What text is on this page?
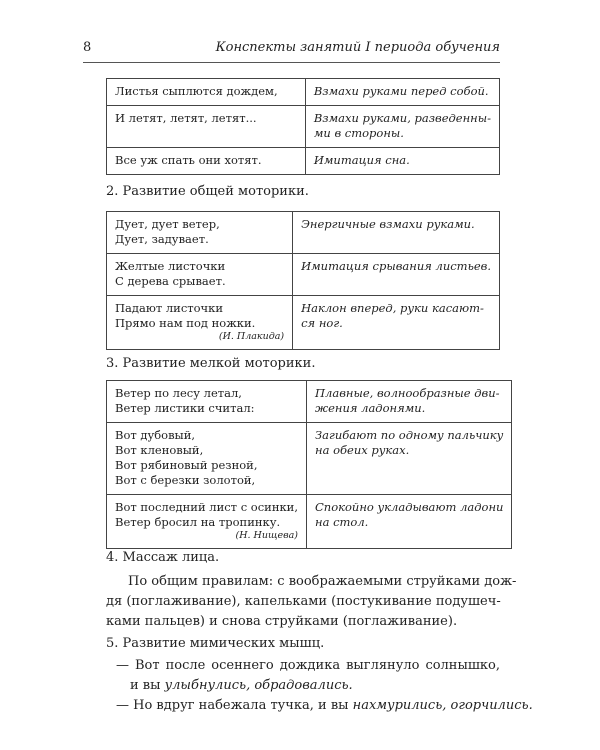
8	Конспекты занятий I периода обучения
Листья сыплются дождем,	Взмахи руками перед собой.

И летят, летят, летят...	Взмахи руками, разведенны-
ми в стороны.

Все уж спать они хотят.	Имитация сна.
2. Развитие общей моторики.
Дует, дует ветер,
Дует, задувает.	Энергичные взмахи руками.

Желтые листочки
С дерева срывает.	Имитация срывания листьев.

Падают листочки
Прямо нам под ножки.
(И. Плакида)	Наклон вперед, руки касают-
ся ног.
3. Развитие мелкой моторики.
Ветер по лесу летал,
Ветер листики считал:	Плавные, волнообразные дви-
жения ладонями.

Вот дубовый,
Вот кленовый,
Вот рябиновый резной,
Вот с березки золотой,	Загибают по одному пальчику
на обеих руках.

Вот последний лист с осинки,
Ветер бросил на тропинку.
(Н. Нищева)	Спокойно укладывают ладони
на стол.
4. Массаж лица.
По общим правилам: с воображаемыми струйками дож-
дя (поглаживание), капельками (постукивание подушеч-
ками пальцев) и снова струйками (поглаживание).
5. Развитие мимических мышц.
— Вот после осеннего дождика выглянуло солнышко,
и вы улыбнулись, обрадовались.
— Но вдруг набежала тучка, и вы нахмурились, огорчились.
